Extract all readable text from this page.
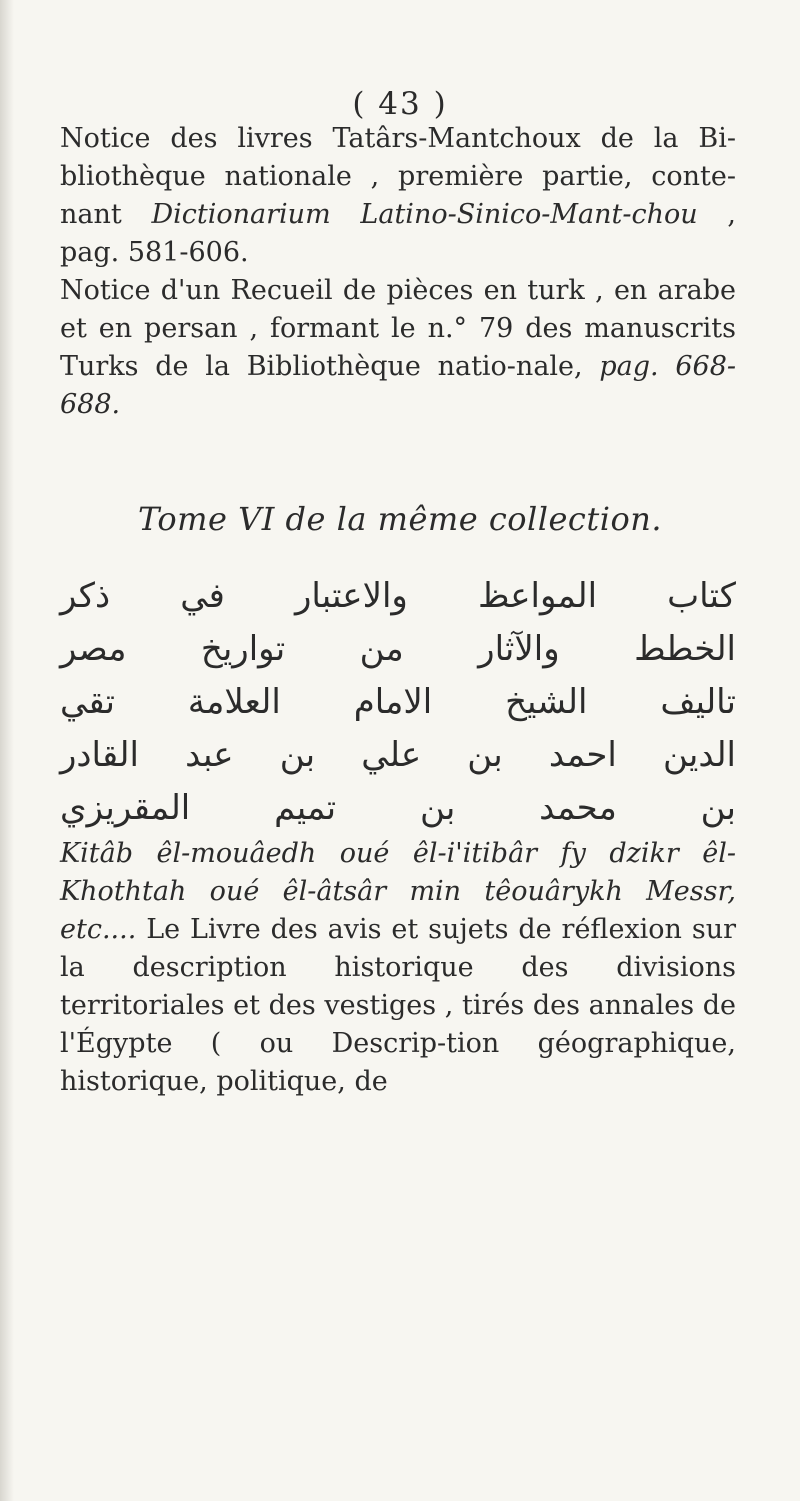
( 43 )

Notice des livres Tatârs-Mantchoux de la Bi-bliothèque nationale , première partie, conte-nant Dictionarium Latino-Sinico-Mant-chou , pag. 581-606.

Notice d'un Recueil de pièces en turk , en arabe et en persan , formant le n.° 79 des manuscrits Turks de la Bibliothèque natio-nale, pag. 668-688.

Tome VI de la même collection.
كتاب المواعظ والاعتبار في ذكر
الخطط والآثار من تواريخ مصر
تاليف الشيخ الامام العلامة تقي
الدين احمد بن علي بن عبد القادر
بن محمد بن تميم المقريزي

Kitâb êl-mouâedh oué êl-i'itibâr fy dzikr êl-Khothtah oué êl-âtsâr min têouârykh Messr, etc.... Le Livre des avis et sujets de réflexion sur la description historique des divisions territoriales et des vestiges , tirés des annales de l'Égypte ( ou Descrip-tion géographique, historique, politique, de
